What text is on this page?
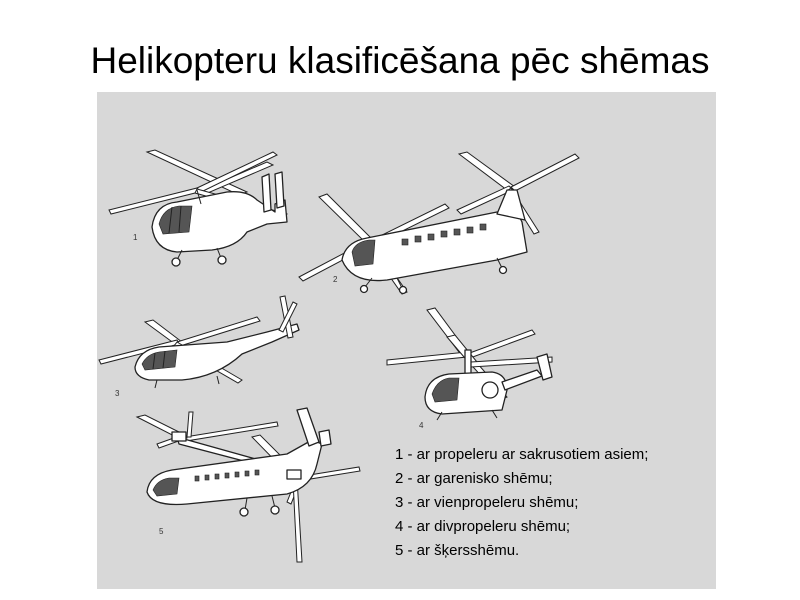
Helikopteru klasificēšana pēc shēmas
1
2
3
4
5
1 - ar propeleru ar sakrusotiem asiem;
2 - ar garenisko shēmu;
3 - ar vienpropeleru shēmu;
4 - ar divpropeleru shēmu;
5 - ar šķersshēmu.
